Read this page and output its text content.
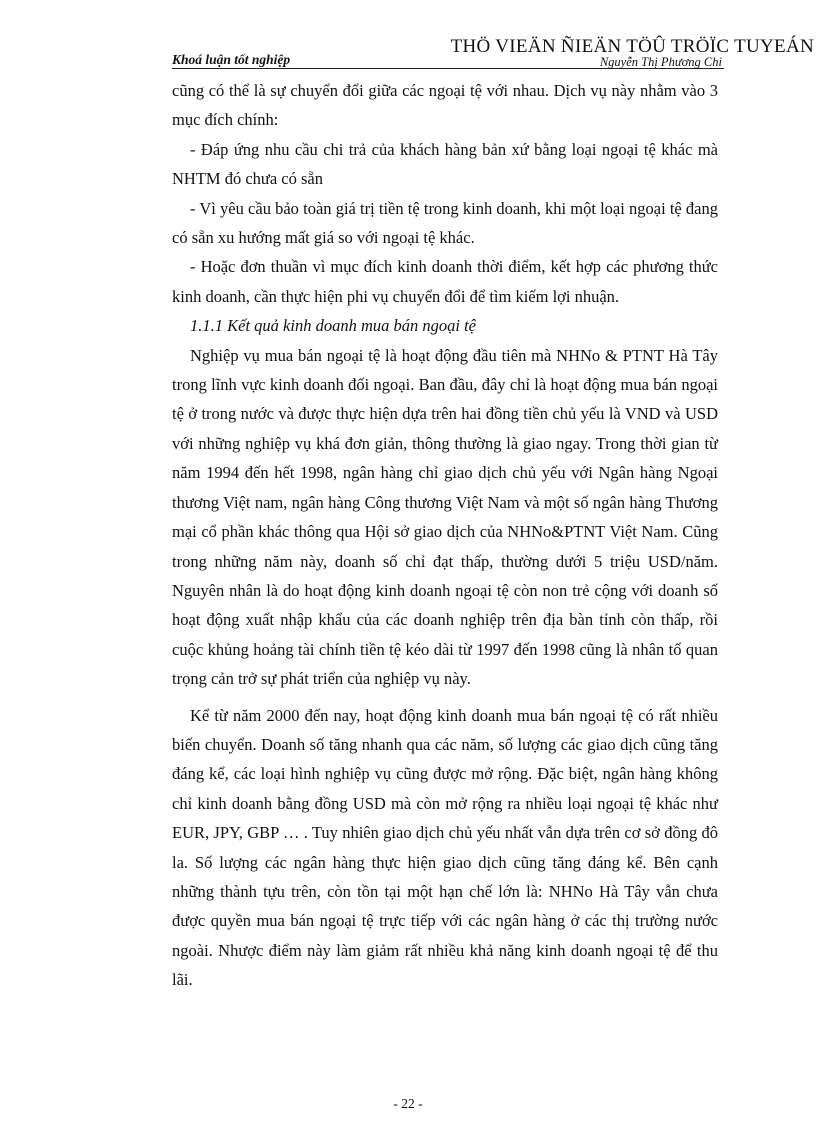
THÖ VIEÄN ÑIEÄN TÖÛ TRÖÏC TUYEÁN
Khoá luận tốt nghiệp	Nguyễn Thị Phương Chi

cũng có thể là sự chuyển đổi giữa các ngoại tệ với nhau. Dịch vụ này nhằm vào 3 mục đích chính:

- Đáp ứng nhu cầu chi trả của khách hàng bản xứ bằng loại ngoại tệ khác mà NHTM đó chưa có sẵn

- Vì yêu cầu bảo toàn giá trị tiền tệ trong kinh doanh, khi một loại ngoại tệ đang có sẵn xu hướng mất giá so với ngoại tệ khác.

- Hoặc đơn thuần vì mục đích kinh doanh thời điểm, kết hợp các phương thức kinh doanh, cần thực hiện phi vụ chuyển đổi để tìm kiếm lợi nhuận.

1.1.1 Kết quả kinh doanh mua bán ngoại tệ

Nghiệp vụ mua bán ngoại tệ là hoạt động đầu tiên mà NHNo & PTNT Hà Tây trong lĩnh vực kinh doanh đối ngoại. Ban đầu, đây chỉ là hoạt động mua bán ngoại tệ ở trong nước và được thực hiện dựa trên hai đồng tiền chủ yếu là VND và USD với những nghiệp vụ khá đơn giản, thông thường là giao ngay. Trong thời gian từ năm 1994 đến hết 1998, ngân hàng chỉ giao dịch chủ yếu với Ngân hàng Ngoại thương Việt nam, ngân hàng Công thương Việt Nam và một số ngân hàng Thương mại cổ phần khác thông qua Hội sở giao dịch của NHNo&PTNT Việt Nam. Cũng trong những năm này, doanh số chỉ đạt thấp, thường dưới 5 triệu USD/năm. Nguyên nhân là do hoạt động kinh doanh ngoại tệ còn non trẻ cộng với doanh số hoạt động xuất nhập khẩu của các doanh nghiệp trên địa bàn tỉnh còn thấp, rồi cuộc khủng hoảng tài chính tiền tệ kéo dài từ 1997 đến 1998 cũng là nhân tố quan trọng cản trở sự phát triển của nghiệp vụ này.

Kể từ năm 2000 đến nay, hoạt động kinh doanh mua bán ngoại tệ có rất nhiều biến chuyển. Doanh số tăng nhanh qua các năm, số lượng các giao dịch cũng tăng đáng kể, các loại hình nghiệp vụ cũng được mở rộng. Đặc biệt, ngân hàng không chỉ kinh doanh bằng đồng USD mà còn mở rộng ra nhiều loại ngoại tệ khác như EUR, JPY, GBP … . Tuy nhiên giao dịch chủ yếu nhất vẫn dựa trên cơ sở đồng đô la. Số lượng các ngân hàng thực hiện giao dịch cũng tăng đáng kể. Bên cạnh những thành tựu trên, còn tồn tại một hạn chế lớn là: NHNo Hà Tây vẫn chưa được quyền mua bán ngoại tệ trực tiếp với các ngân hàng ở các thị trường nước ngoài. Nhược điểm này làm giảm rất nhiều khả năng kinh doanh ngoại tệ để thu lãi.

- 22 -
